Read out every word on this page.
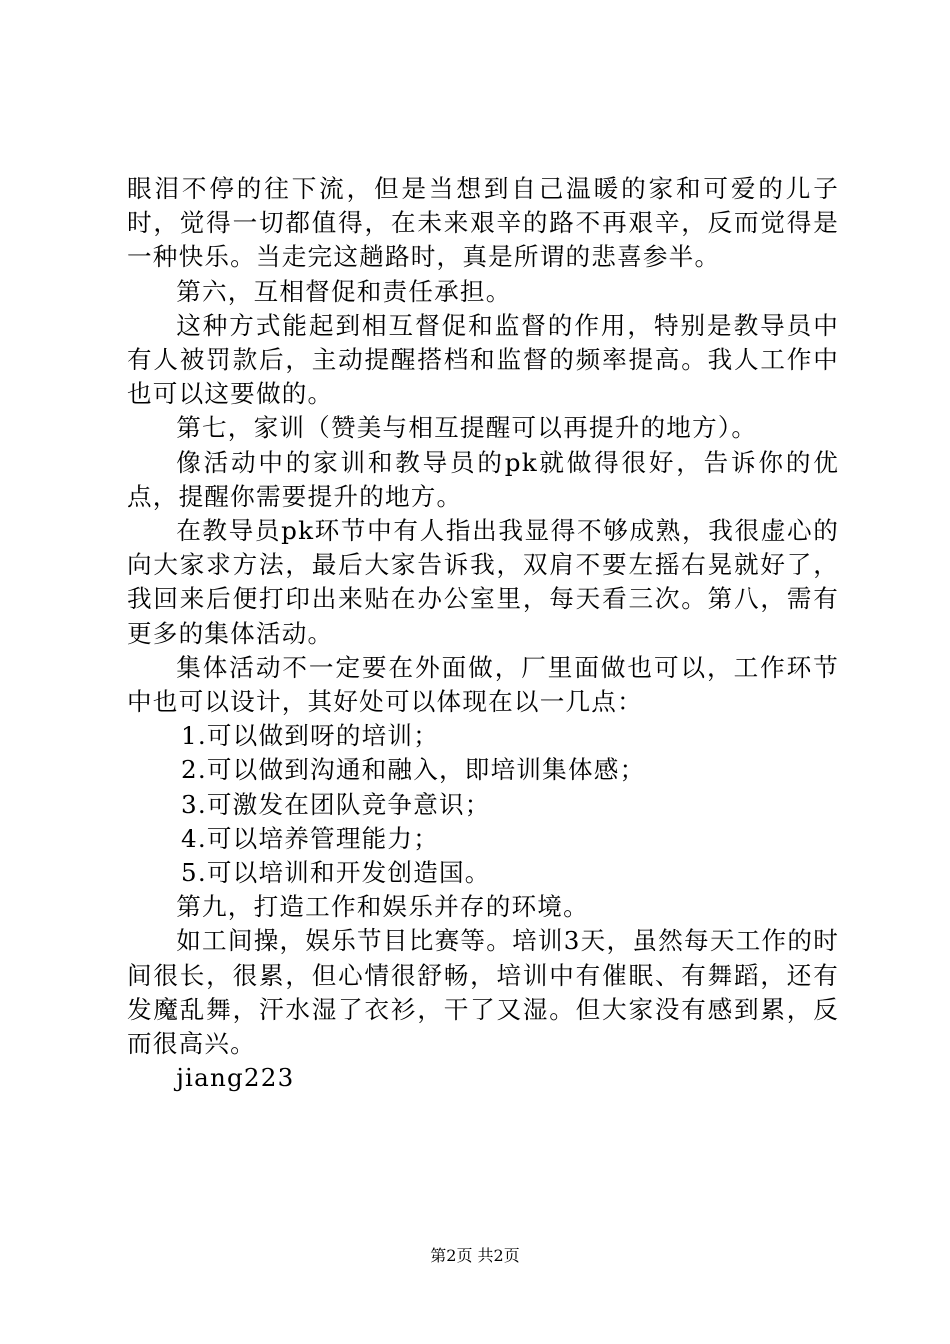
眼泪不停的往下流，但是当想到自己温暖的家和可爱的儿子时，觉得一切都值得，在未来艰辛的路不再艰辛，反而觉得是一种快乐。当走完这趟路时，真是所谓的悲喜参半。

第六，互相督促和责任承担。

这种方式能起到相互督促和监督的作用，特别是教导员中有人被罚款后，主动提醒搭档和监督的频率提高。我人工作中也可以这要做的。

第七，家训（赞美与相互提醒可以再提升的地方）。

像活动中的家训和教导员的pk就做得很好，告诉你的优点，提醒你需要提升的地方。

在教导员pk环节中有人指出我显得不够成熟，我很虚心的向大家求方法，最后大家告诉我，双肩不要左摇右晃就好了，我回来后便打印出来贴在办公室里，每天看三次。第八，需有更多的集体活动。

集体活动不一定要在外面做，厂里面做也可以，工作环节中也可以设计，其好处可以体现在以一几点：

1.可以做到呀的培训；

2.可以做到沟通和融入，即培训集体感；

3.可激发在团队竞争意识；

4.可以培养管理能力；

5.可以培训和开发创造国。

第九，打造工作和娱乐并存的环境。

如工间操，娱乐节目比赛等。培训3天，虽然每天工作的时间很长，很累，但心情很舒畅，培训中有催眠、有舞蹈，还有发魔乱舞，汗水湿了衣衫，干了又湿。但大家没有感到累，反而很高兴。

jiang223

第2页 共2页
